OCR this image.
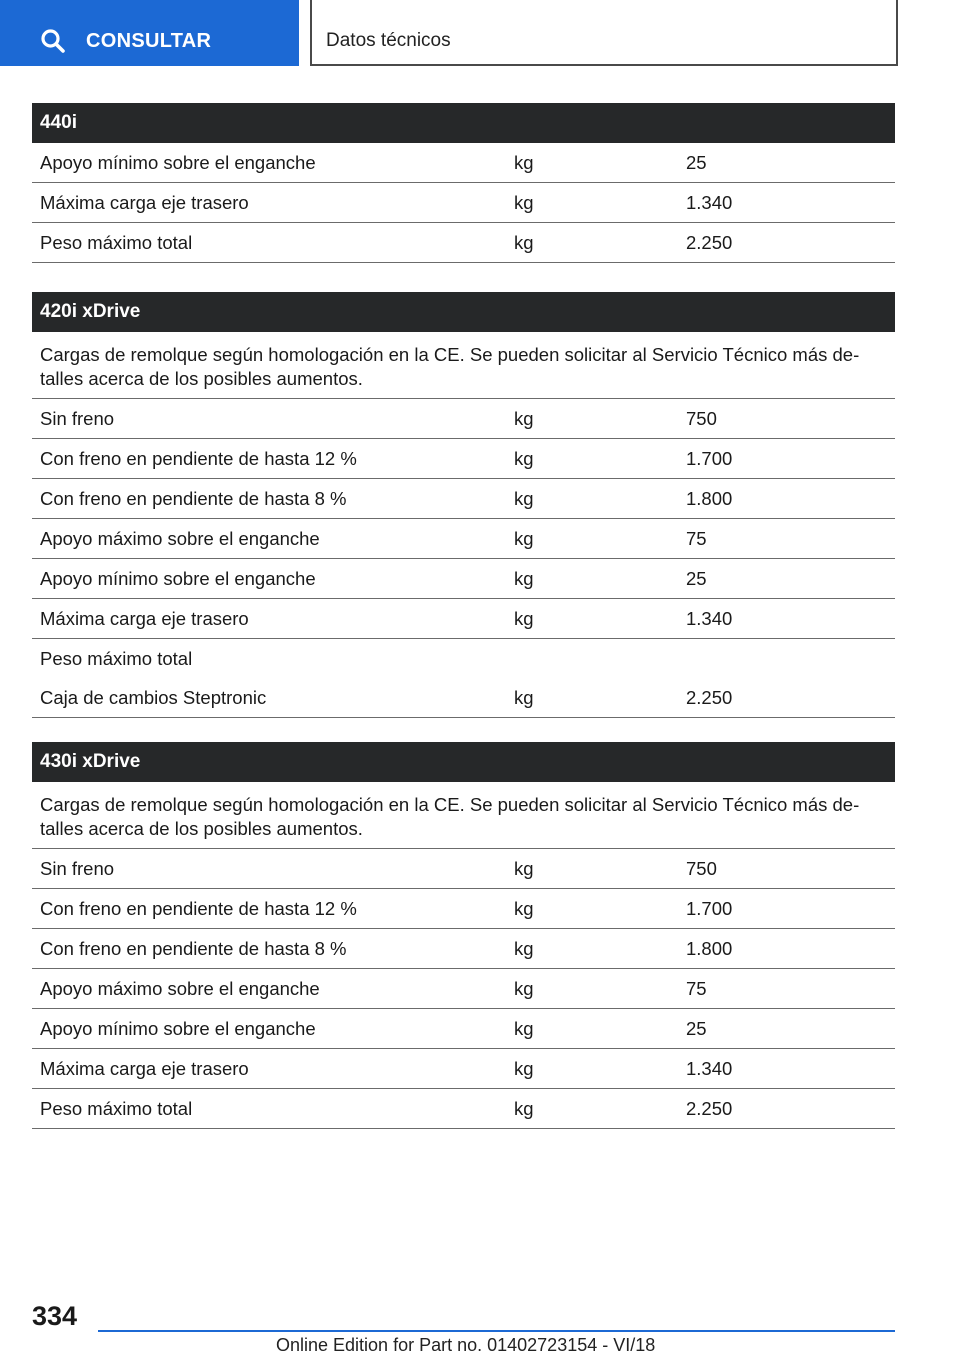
CONSULTAR	Datos técnicos
440i
Apoyo mínimo sobre el enganche	kg	25
Máxima carga eje trasero	kg	1.340
Peso máximo total	kg	2.250
420i xDrive
Cargas de remolque según homologación en la CE. Se pueden solicitar al Servicio Técnico más de-talles acerca de los posibles aumentos.
Sin freno	kg	750
Con freno en pendiente de hasta 12 %	kg	1.700
Con freno en pendiente de hasta 8 %	kg	1.800
Apoyo máximo sobre el enganche	kg	75
Apoyo mínimo sobre el enganche	kg	25
Máxima carga eje trasero	kg	1.340
Peso máximo total
Caja de cambios Steptronic	kg	2.250
430i xDrive
Cargas de remolque según homologación en la CE. Se pueden solicitar al Servicio Técnico más de-talles acerca de los posibles aumentos.
Sin freno	kg	750
Con freno en pendiente de hasta 12 %	kg	1.700
Con freno en pendiente de hasta 8 %	kg	1.800
Apoyo máximo sobre el enganche	kg	75
Apoyo mínimo sobre el enganche	kg	25
Máxima carga eje trasero	kg	1.340
Peso máximo total	kg	2.250
334
Online Edition for Part no. 01402723154 - VI/18
